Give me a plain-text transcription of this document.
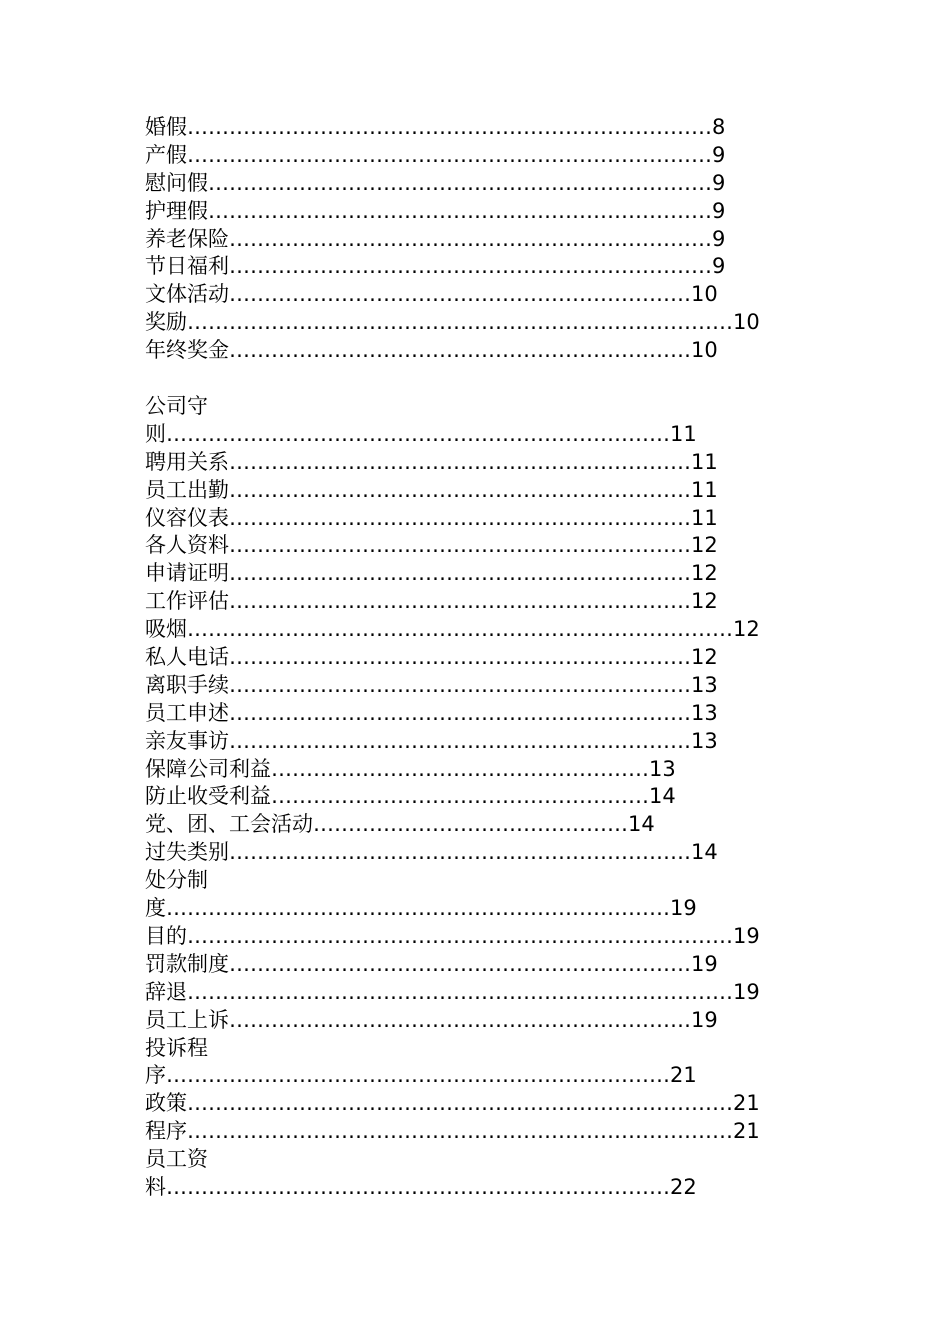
婚假…………………………………………………………………8
产假…………………………………………………………………9
慰问假………………………………………………………………9
护理假………………………………………………………………9
养老保险……………………………………………………………9
节日福利……………………………………………………………9
文体活动…………………………………………………………10
奖励……………………………………………………………………10
年终奖金…………………………………………………………10
公司守
则………………………………………………………………11
聘用关系…………………………………………………………11
员工出勤…………………………………………………………11
仪容仪表…………………………………………………………11
各人资料…………………………………………………………12
申请证明…………………………………………………………12
工作评估…………………………………………………………12
吸烟……………………………………………………………………12
私人电话…………………………………………………………12
离职手续…………………………………………………………13
员工申述…………………………………………………………13
亲友事访…………………………………………………………13
保障公司利益………………………………………………13
防止收受利益………………………………………………14
党、团、工会活动………………………………………14
过失类别…………………………………………………………14
处分制
度………………………………………………………………19
目的……………………………………………………………………19
罚款制度…………………………………………………………19
辞退……………………………………………………………………19
员工上诉…………………………………………………………19
投诉程
序………………………………………………………………21
政策……………………………………………………………………21
程序……………………………………………………………………21
员工资
料………………………………………………………………22
